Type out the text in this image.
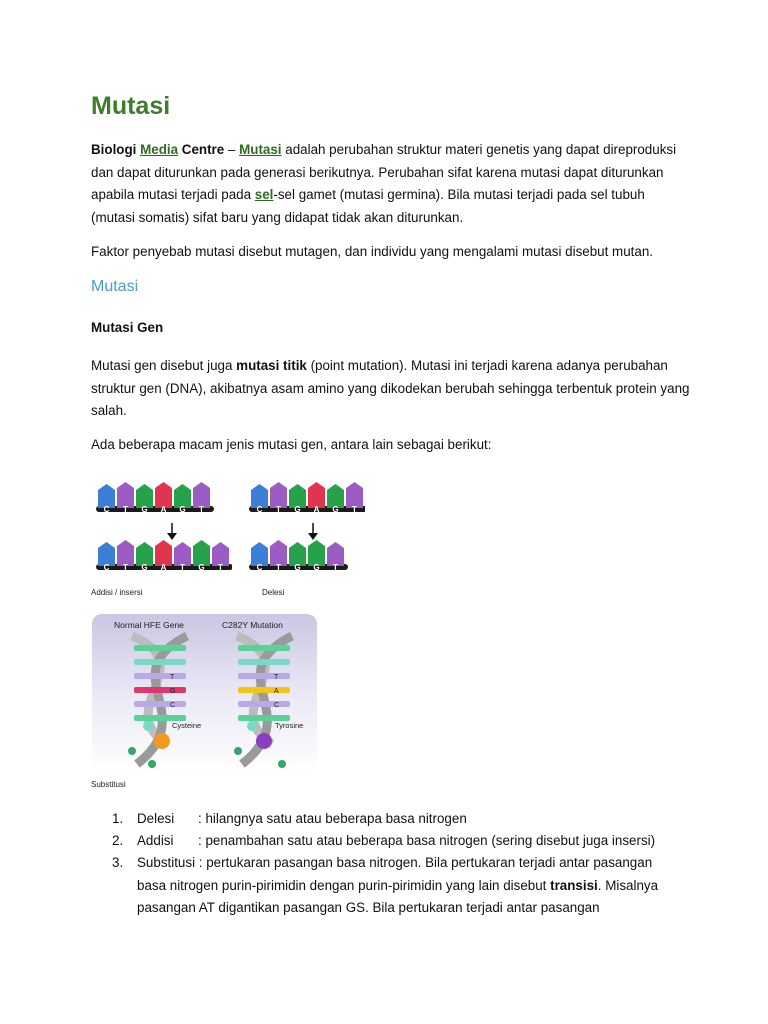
Mutasi

Biologi Media Centre – Mutasi adalah perubahan struktur materi genetis yang dapat direproduksi dan dapat diturunkan pada generasi berikutnya. Perubahan sifat karena mutasi dapat diturunkan apabila mutasi terjadi pada sel-sel gamet (mutasi germina). Bila mutasi terjadi pada sel tubuh (mutasi somatis) sifat baru yang didapat tidak akan diturunkan.

Faktor penyebab mutasi disebut mutagen, dan individu yang mengalami mutasi disebut mutan.

Mutasi
Mutasi Gen

Mutasi gen disebut juga mutasi titik (point mutation). Mutasi ini terjadi karena adanya perubahan struktur gen (DNA), akibatnya asam amino yang dikodekan berubah sehingga terbentuk protein yang salah.

Ada beberapa macam jenis mutasi gen, antara lain sebagai berikut:

C T G A G T
C T G A T G T
Addisi / insersi
C T G A G T
C T G G T
Delesi
Normal HFE Gene	C282Y Mutation
T
G
C
Cysteine
T
A
C
Tyrosine
Substitusi
1. Delesi : hilangnya satu atau beberapa basa nitrogen
2. Addisi : penambahan satu atau beberapa basa nitrogen (sering disebut juga insersi)
3. Substitusi : pertukaran pasangan basa nitrogen. Bila pertukaran terjadi antar pasangan basa nitrogen purin-pirimidin dengan purin-pirimidin yang lain disebut transisi. Misalnya pasangan AT digantikan pasangan GS. Bila pertukaran terjadi antar pasangan
